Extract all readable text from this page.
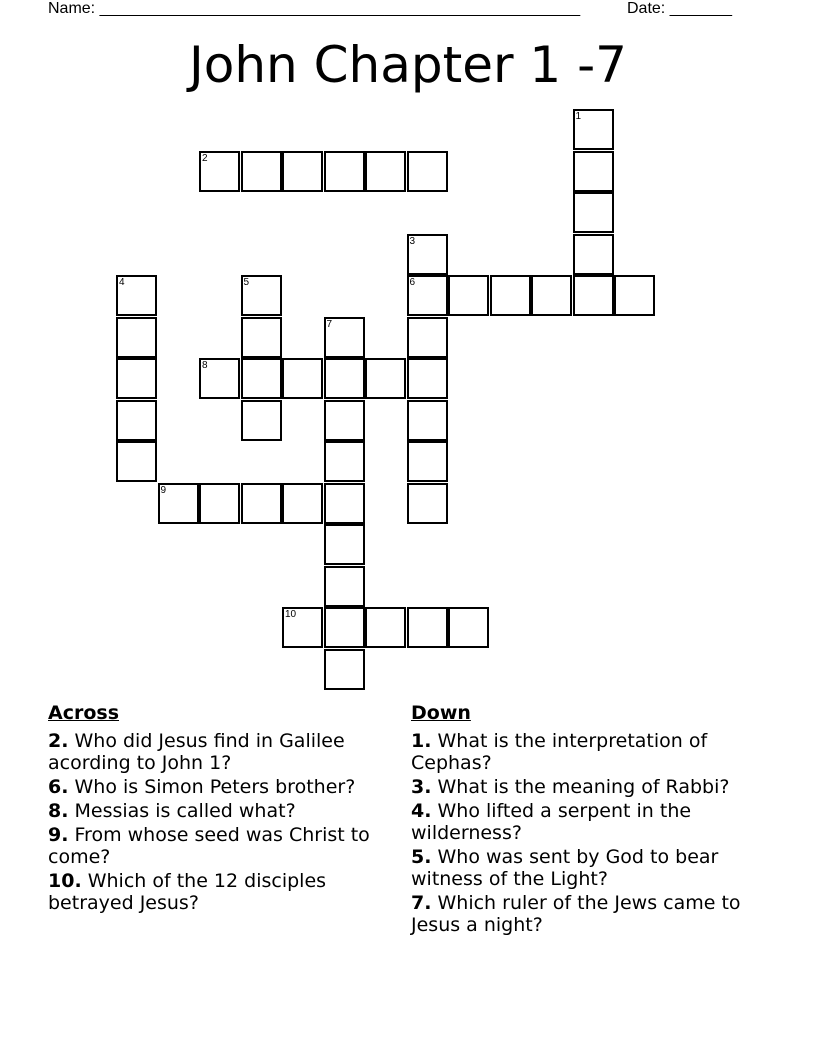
Name: ______________________________________________________	Date: _______
John Chapter 1 -7
1
2
3
6
4	5
7
8
9
10
Across
2. Who did Jesus find in Galilee acording to John 1?
6. Who is Simon Peters brother?
8. Messias is called what?
9. From whose seed was Christ to come?
10. Which of the 12 disciples betrayed Jesus?
Down
1. What is the interpretation of Cephas?
3. What is the meaning of Rabbi?
4. Who lifted a serpent in the wilderness?
5. Who was sent by God to bear witness of the Light?
7. Which ruler of the Jews came to Jesus a night?
